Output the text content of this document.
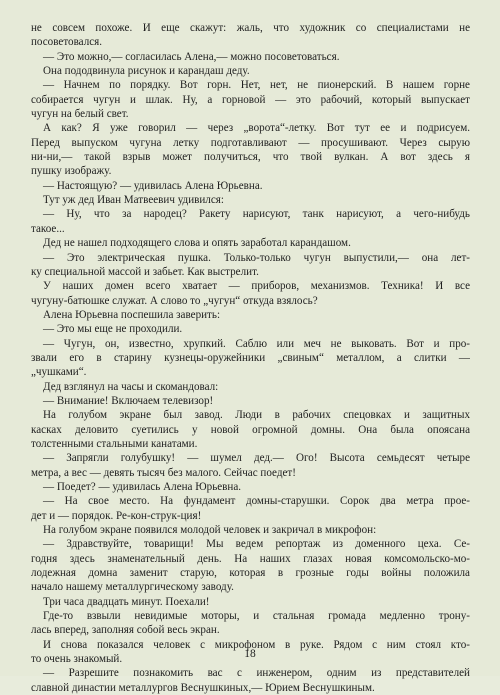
не совсем похоже. И еще скажут: жаль, что художник со специалистами не
посоветовался.
— Это можно,— согласилась Алена,— можно посоветоваться.
Она пододвинула рисунок и карандаш деду.
— Начнем по порядку. Вот горн. Нет, нет, не пионерский. В нашем горне
собирается чугун и шлак. Ну, а горновой — это рабочий, который выпускает
чугун на белый свет.
А как? Я уже говорил — через „ворота“-летку. Вот тут ее и подрисуем.
Перед выпуском чугуна летку подготавливают — просушивают. Через сырую
ни-ни,— такой взрыв может получиться, что твой вулкан. А вот здесь я
пушку изображу.
— Настоящую? — удивилась Алена Юрьевна.
Тут уж дед Иван Матвеевич удивился:
— Ну, что за народец? Ракету нарисуют, танк нарисуют, а чего-нибудь
такое...
Дед не нашел подходящего слова и опять заработал карандашом.
— Это электрическая пушка. Только-только чугун выпустили,— она лет-
ку специальной массой и забьет. Как выстрелит.
У наших домен всего хватает — приборов, механизмов. Техника! И все
чугуну-батюшке служат. А слово то „чугун“ откуда взялось?
Алена Юрьевна поспешила заверить:
— Это мы еще не проходили.
— Чугун, он, известно, хрупкий. Саблю или меч не выковать. Вот и про-
звали его в старину кузнецы-оружейники „свиным“ металлом, а слитки —
„чушками“.
Дед взглянул на часы и скомандовал:
— Внимание! Включаем телевизор!
На голубом экране был завод. Люди в рабочих спецовках и защитных
касках деловито суетились у новой огромной домны. Она была опоясана
толстенными стальными канатами.
— Запрягли голубушку! — шумел дед.— Ого! Высота семьдесят четыре
метра, а вес — девять тысяч без малого. Сейчас поедет!
— Поедет? — удивилась Алена Юрьевна.
— На свое место. На фундамент домны-старушки. Сорок два метра прое-
дет и — порядок. Ре-кон-струк-ция!
На голубом экране появился молодой человек и закричал в микрофон:
— Здравствуйте, товарищи! Мы ведем репортаж из доменного цеха. Се-
годня здесь знаменательный день. На наших глазах новая комсомольско-мо-
лодежная домна заменит старую, которая в грозные годы войны положила
начало нашему металлургическому заводу.
Три часа двадцать минут. Поехали!
Где-то взвыли невидимые моторы, и стальная громада медленно трону-
лась вперед, заполняя собой весь экран.
И снова показался человек с микрофоном в руке. Рядом с ним стоял кто-
то очень знакомый.
— Разрешите познакомить вас с инженером, одним из представителей
славной династии металлургов Веснушкиных,— Юрием Веснушкиным.
18
